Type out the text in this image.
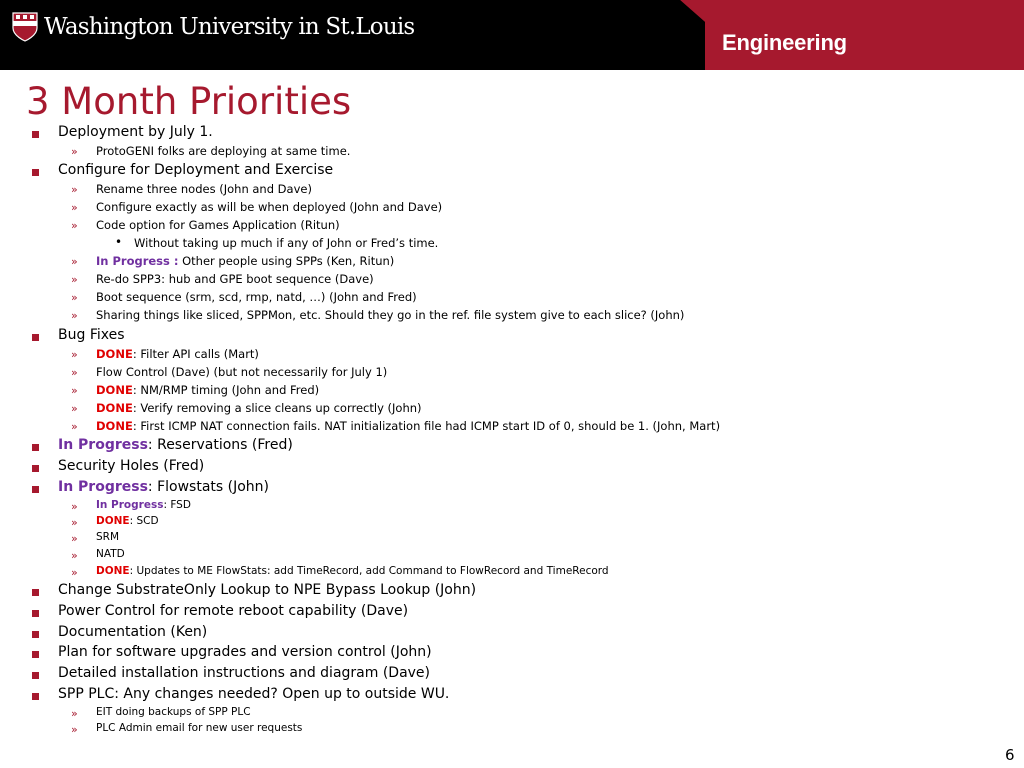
Washington University in St.Louis
Engineering
3 Month Priorities
Deployment by July 1.
» ProtoGENI folks are deploying at same time.
Configure for Deployment and Exercise
» Rename three nodes (John and Dave)
» Configure exactly as will be when deployed (John and Dave)
» Code option for Games Application (Ritun)
• Without taking up much if any of John or Fred’s time.
» In Progress : Other people using SPPs (Ken, Ritun)
» Re-do SPP3: hub and GPE boot sequence (Dave)
» Boot sequence (srm, scd, rmp, natd, …) (John and Fred)
» Sharing things like sliced, SPPMon, etc. Should they go in the ref. file system give to each slice? (John)
Bug Fixes
» DONE: Filter API calls (Mart)
» Flow Control (Dave) (but not necessarily for July 1)
» DONE: NM/RMP timing (John and Fred)
» DONE: Verify removing a slice cleans up correctly (John)
» DONE: First ICMP NAT connection fails. NAT initialization file had ICMP start ID of 0, should be 1. (John, Mart)
In Progress: Reservations (Fred)
Security Holes (Fred)
In Progress: Flowstats (John)
» In Progress: FSD
» DONE: SCD
» SRM
» NATD
» DONE: Updates to ME FlowStats: add TimeRecord, add Command to FlowRecord and TimeRecord
Change SubstrateOnly Lookup to NPE Bypass Lookup (John)
Power Control for remote reboot capability (Dave)
Documentation (Ken)
Plan for software upgrades and version control (John)
Detailed installation instructions and diagram (Dave)
SPP PLC: Any changes needed? Open up to outside WU.
» EIT doing backups of SPP PLC
» PLC Admin email for new user requests
6
